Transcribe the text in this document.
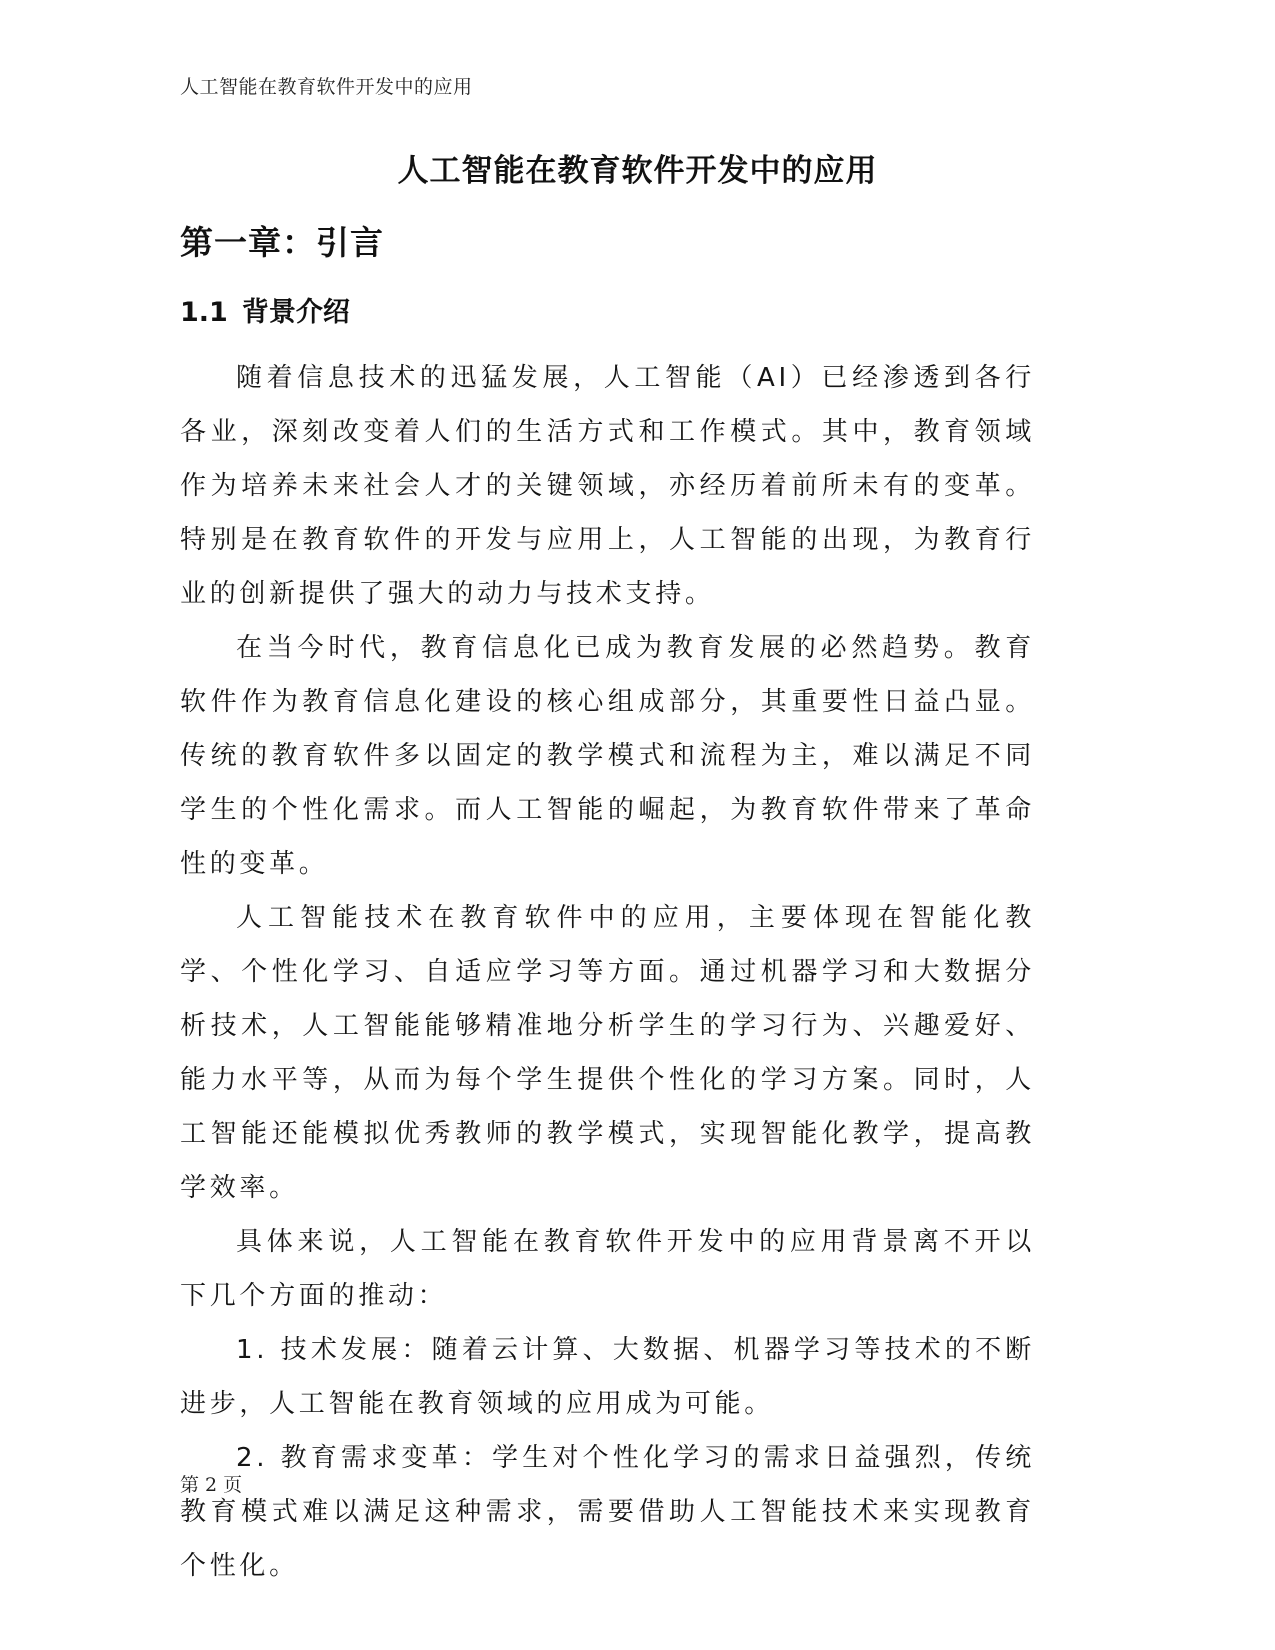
人工智能在教育软件开发中的应用
人工智能在教育软件开发中的应用
第一章：引言
1.1 背景介绍

随着信息技术的迅猛发展，人工智能（AI）已经渗透到各行各业，深刻改变着人们的生活方式和工作模式。其中，教育领域作为培养未来社会人才的关键领域，亦经历着前所未有的变革。特别是在教育软件的开发与应用上，人工智能的出现，为教育行业的创新提供了强大的动力与技术支持。

在当今时代，教育信息化已成为教育发展的必然趋势。教育软件作为教育信息化建设的核心组成部分，其重要性日益凸显。传统的教育软件多以固定的教学模式和流程为主，难以满足不同学生的个性化需求。而人工智能的崛起，为教育软件带来了革命性的变革。

人工智能技术在教育软件中的应用，主要体现在智能化教学、个性化学习、自适应学习等方面。通过机器学习和大数据分析技术，人工智能能够精准地分析学生的学习行为、兴趣爱好、能力水平等，从而为每个学生提供个性化的学习方案。同时，人工智能还能模拟优秀教师的教学模式，实现智能化教学，提高教学效率。

具体来说，人工智能在教育软件开发中的应用背景离不开以下几个方面的推动：

1. 技术发展：随着云计算、大数据、机器学习等技术的不断进步，人工智能在教育领域的应用成为可能。

2. 教育需求变革：学生对个性化学习的需求日益强烈，传统教育模式难以满足这种需求，需要借助人工智能技术来实现教育个性化。

第 2 页
